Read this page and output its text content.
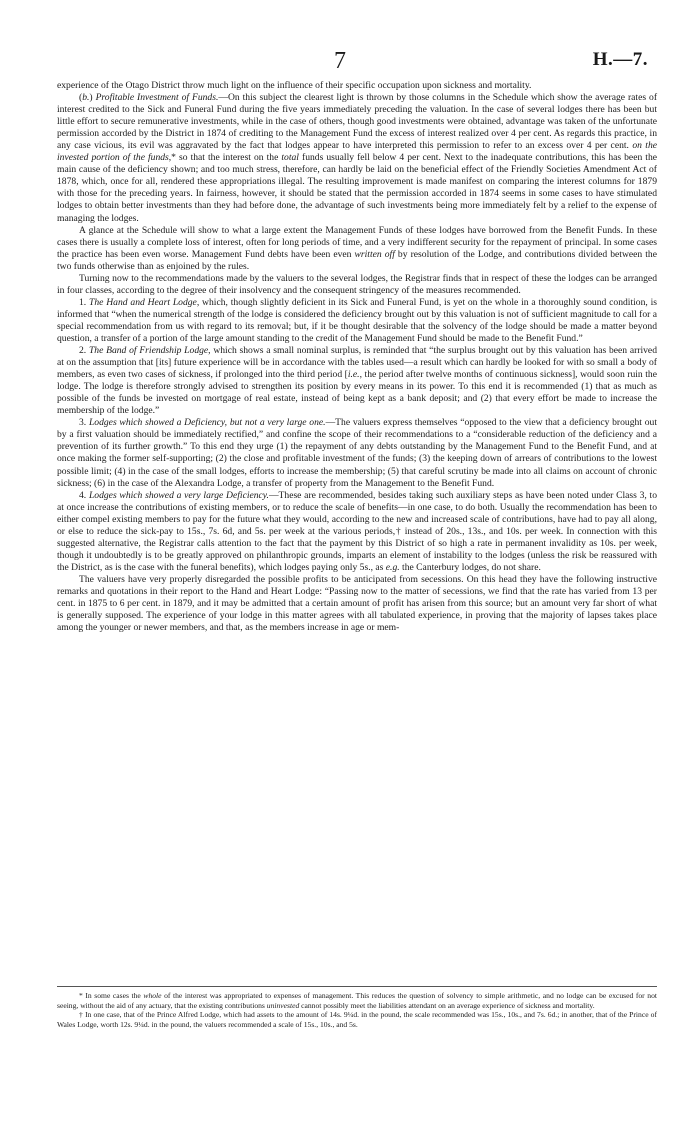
7	H.—7.

experience of the Otago District throw much light on the influence of their specific occupation upon sickness and mortality.

(b.) Profitable Investment of Funds.—On this subject the clearest light is thrown by those columns in the Schedule which show the average rates of interest credited to the Sick and Funeral Fund during the five years immediately preceding the valuation. In the case of several lodges there has been but little effort to secure remunerative investments, while in the case of others, though good investments were obtained, advantage was taken of the unfortunate permission accorded by the District in 1874 of crediting to the Management Fund the excess of interest realized over 4 per cent. As regards this practice, in any case vicious, its evil was aggravated by the fact that lodges appear to have interpreted this permission to refer to an excess over 4 per cent. on the invested portion of the funds,* so that the interest on the total funds usually fell below 4 per cent. Next to the inadequate contributions, this has been the main cause of the deficiency shown; and too much stress, therefore, can hardly be laid on the beneficial effect of the Friendly Societies Amendment Act of 1878, which, once for all, rendered these appropriations illegal. The resulting improvement is made manifest on comparing the interest columns for 1879 with those for the preceding years. In fairness, however, it should be stated that the permission accorded in 1874 seems in some cases to have stimulated lodges to obtain better investments than they had before done, the advantage of such investments being more immediately felt by a relief to the expense of managing the lodges.

A glance at the Schedule will show to what a large extent the Management Funds of these lodges have borrowed from the Benefit Funds. In these cases there is usually a complete loss of interest, often for long periods of time, and a very indifferent security for the repayment of principal. In some cases the practice has been even worse. Management Fund debts have been even written off by resolution of the Lodge, and contributions divided between the two funds otherwise than as enjoined by the rules.

Turning now to the recommendations made by the valuers to the several lodges, the Registrar finds that in respect of these the lodges can be arranged in four classes, according to the degree of their insolvency and the consequent stringency of the measures recommended.

1. The Hand and Heart Lodge, which, though slightly deficient in its Sick and Funeral Fund, is yet on the whole in a thoroughly sound condition, is informed that “when the numerical strength of the lodge is considered the deficiency brought out by this valuation is not of sufficient magnitude to call for a special recommendation from us with regard to its removal; but, if it be thought desirable that the solvency of the lodge should be made a matter beyond question, a transfer of a portion of the large amount standing to the credit of the Management Fund should be made to the Benefit Fund.”

2. The Band of Friendship Lodge, which shows a small nominal surplus, is reminded that “the surplus brought out by this valuation has been arrived at on the assumption that [its] future experience will be in accordance with the tables used—a result which can hardly be looked for with so small a body of members, as even two cases of sickness, if prolonged into the third period [i.e., the period after twelve months of continuous sickness], would soon ruin the lodge. The lodge is therefore strongly advised to strengthen its position by every means in its power. To this end it is recommended (1) that as much as possible of the funds be invested on mortgage of real estate, instead of being kept as a bank deposit; and (2) that every effort be made to increase the membership of the lodge.”

3. Lodges which showed a Deficiency, but not a very large one.—The valuers express themselves “opposed to the view that a deficiency brought out by a first valuation should be immediately rectified,” and confine the scope of their recommendations to a “considerable reduction of the deficiency and a prevention of its further growth.” To this end they urge (1) the repayment of any debts outstanding by the Management Fund to the Benefit Fund, and at once making the former self-supporting; (2) the close and profitable investment of the funds; (3) the keeping down of arrears of contributions to the lowest possible limit; (4) in the case of the small lodges, efforts to increase the membership; (5) that careful scrutiny be made into all claims on account of chronic sickness; (6) in the case of the Alexandra Lodge, a transfer of property from the Management to the Benefit Fund.

4. Lodges which showed a very large Deficiency.—These are recommended, besides taking such auxiliary steps as have been noted under Class 3, to at once increase the contributions of existing members, or to reduce the scale of benefits—in one case, to do both. Usually the recommendation has been to either compel existing members to pay for the future what they would, according to the new and increased scale of contributions, have had to pay all along, or else to reduce the sick-pay to 15s., 7s. 6d, and 5s. per week at the various periods,† instead of 20s., 13s., and 10s. per week. In connection with this suggested alternative, the Registrar calls attention to the fact that the payment by this District of so high a rate in permanent invalidity as 10s. per week, though it undoubtedly is to be greatly approved on philanthropic grounds, imparts an element of instability to the lodges (unless the risk be reassured with the District, as is the case with the funeral benefits), which lodges paying only 5s., as e.g. the Canterbury lodges, do not share.

The valuers have very properly disregarded the possible profits to be anticipated from secessions. On this head they have the following instructive remarks and quotations in their report to the Hand and Heart Lodge: “Passing now to the matter of secessions, we find that the rate has varied from 13 per cent. in 1875 to 6 per cent. in 1879, and it may be admitted that a certain amount of profit has arisen from this source; but an amount very far short of what is generally supposed. The experience of your lodge in this matter agrees with all tabulated experience, in proving that the majority of lapses takes place among the younger or newer members, and that, as the members increase in age or mem-

* In some cases the whole of the interest was appropriated to expenses of management. This reduces the question of solvency to simple arithmetic, and no lodge can be excused for not seeing, without the aid of any actuary, that the existing contributions uninvested cannot possibly meet the liabilities attendant on an average experience of sickness and mortality.

† In one case, that of the Prince Alfred Lodge, which had assets to the amount of 14s. 9¼d. in the pound, the scale recommended was 15s., 10s., and 7s. 6d.; in another, that of the Prince of Wales Lodge, worth 12s. 9¼d. in the pound, the valuers recommended a scale of 15s., 10s., and 5s.
